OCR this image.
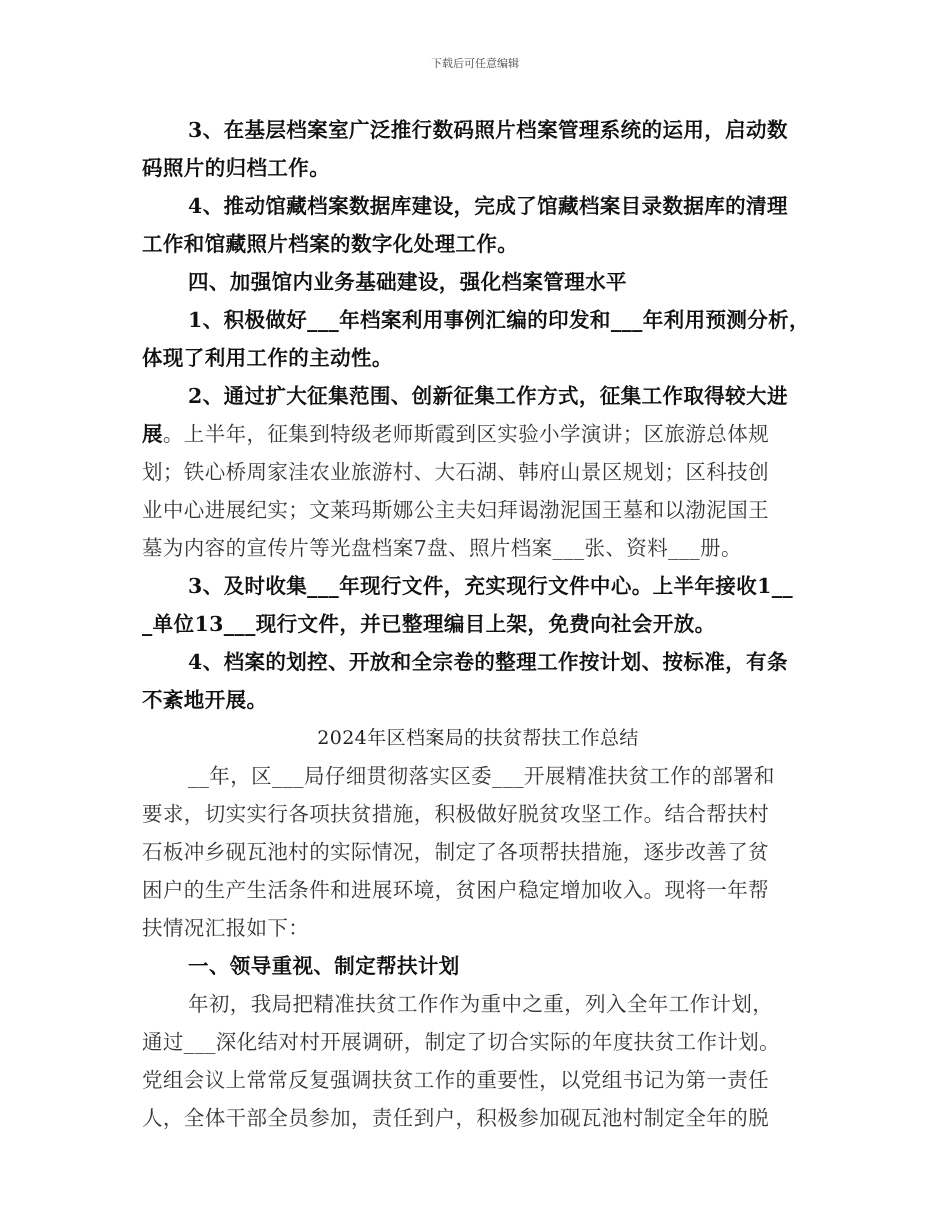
下载后可任意编辑

3、在基层档案室广泛推行数码照片档案管理系统的运用，启动数

码照片的归档工作。

4、推动馆藏档案数据库建设，完成了馆藏档案目录数据库的清理

工作和馆藏照片档案的数字化处理工作。

四、加强馆内业务基础建设，强化档案管理水平

1、积极做好___年档案利用事例汇编的印发和___年利用预测分析，

体现了利用工作的主动性。

2、通过扩大征集范围、创新征集工作方式，征集工作取得较大进

展。上半年，征集到特级老师斯霞到区实验小学演讲；区旅游总体规

划；铁心桥周家洼农业旅游村、大石湖、韩府山景区规划；区科技创

业中心进展纪实；文莱玛斯娜公主夫妇拜谒渤泥国王墓和以渤泥国王

墓为内容的宣传片等光盘档案7盘、照片档案___张、资料___册。

3、及时收集___年现行文件，充实现行文件中心。上半年接收1__

_单位13___现行文件，并已整理编目上架，免费向社会开放。

4、档案的划控、开放和全宗卷的整理工作按计划、按标准，有条

不紊地开展。

2024年区档案局的扶贫帮扶工作总结

__年，区___局仔细贯彻落实区委___开展精准扶贫工作的部署和

要求，切实实行各项扶贫措施，积极做好脱贫攻坚工作。结合帮扶村

石板冲乡砚瓦池村的实际情况，制定了各项帮扶措施，逐步改善了贫

困户的生产生活条件和进展环境，贫困户稳定增加收入。现将一年帮

扶情况汇报如下：

一、领导重视、制定帮扶计划

年初，我局把精准扶贫工作作为重中之重，列入全年工作计划，

通过___深化结对村开展调研，制定了切合实际的年度扶贫工作计划。

党组会议上常常反复强调扶贫工作的重要性，以党组书记为第一责任

人，全体干部全员参加，责任到户，积极参加砚瓦池村制定全年的脱
